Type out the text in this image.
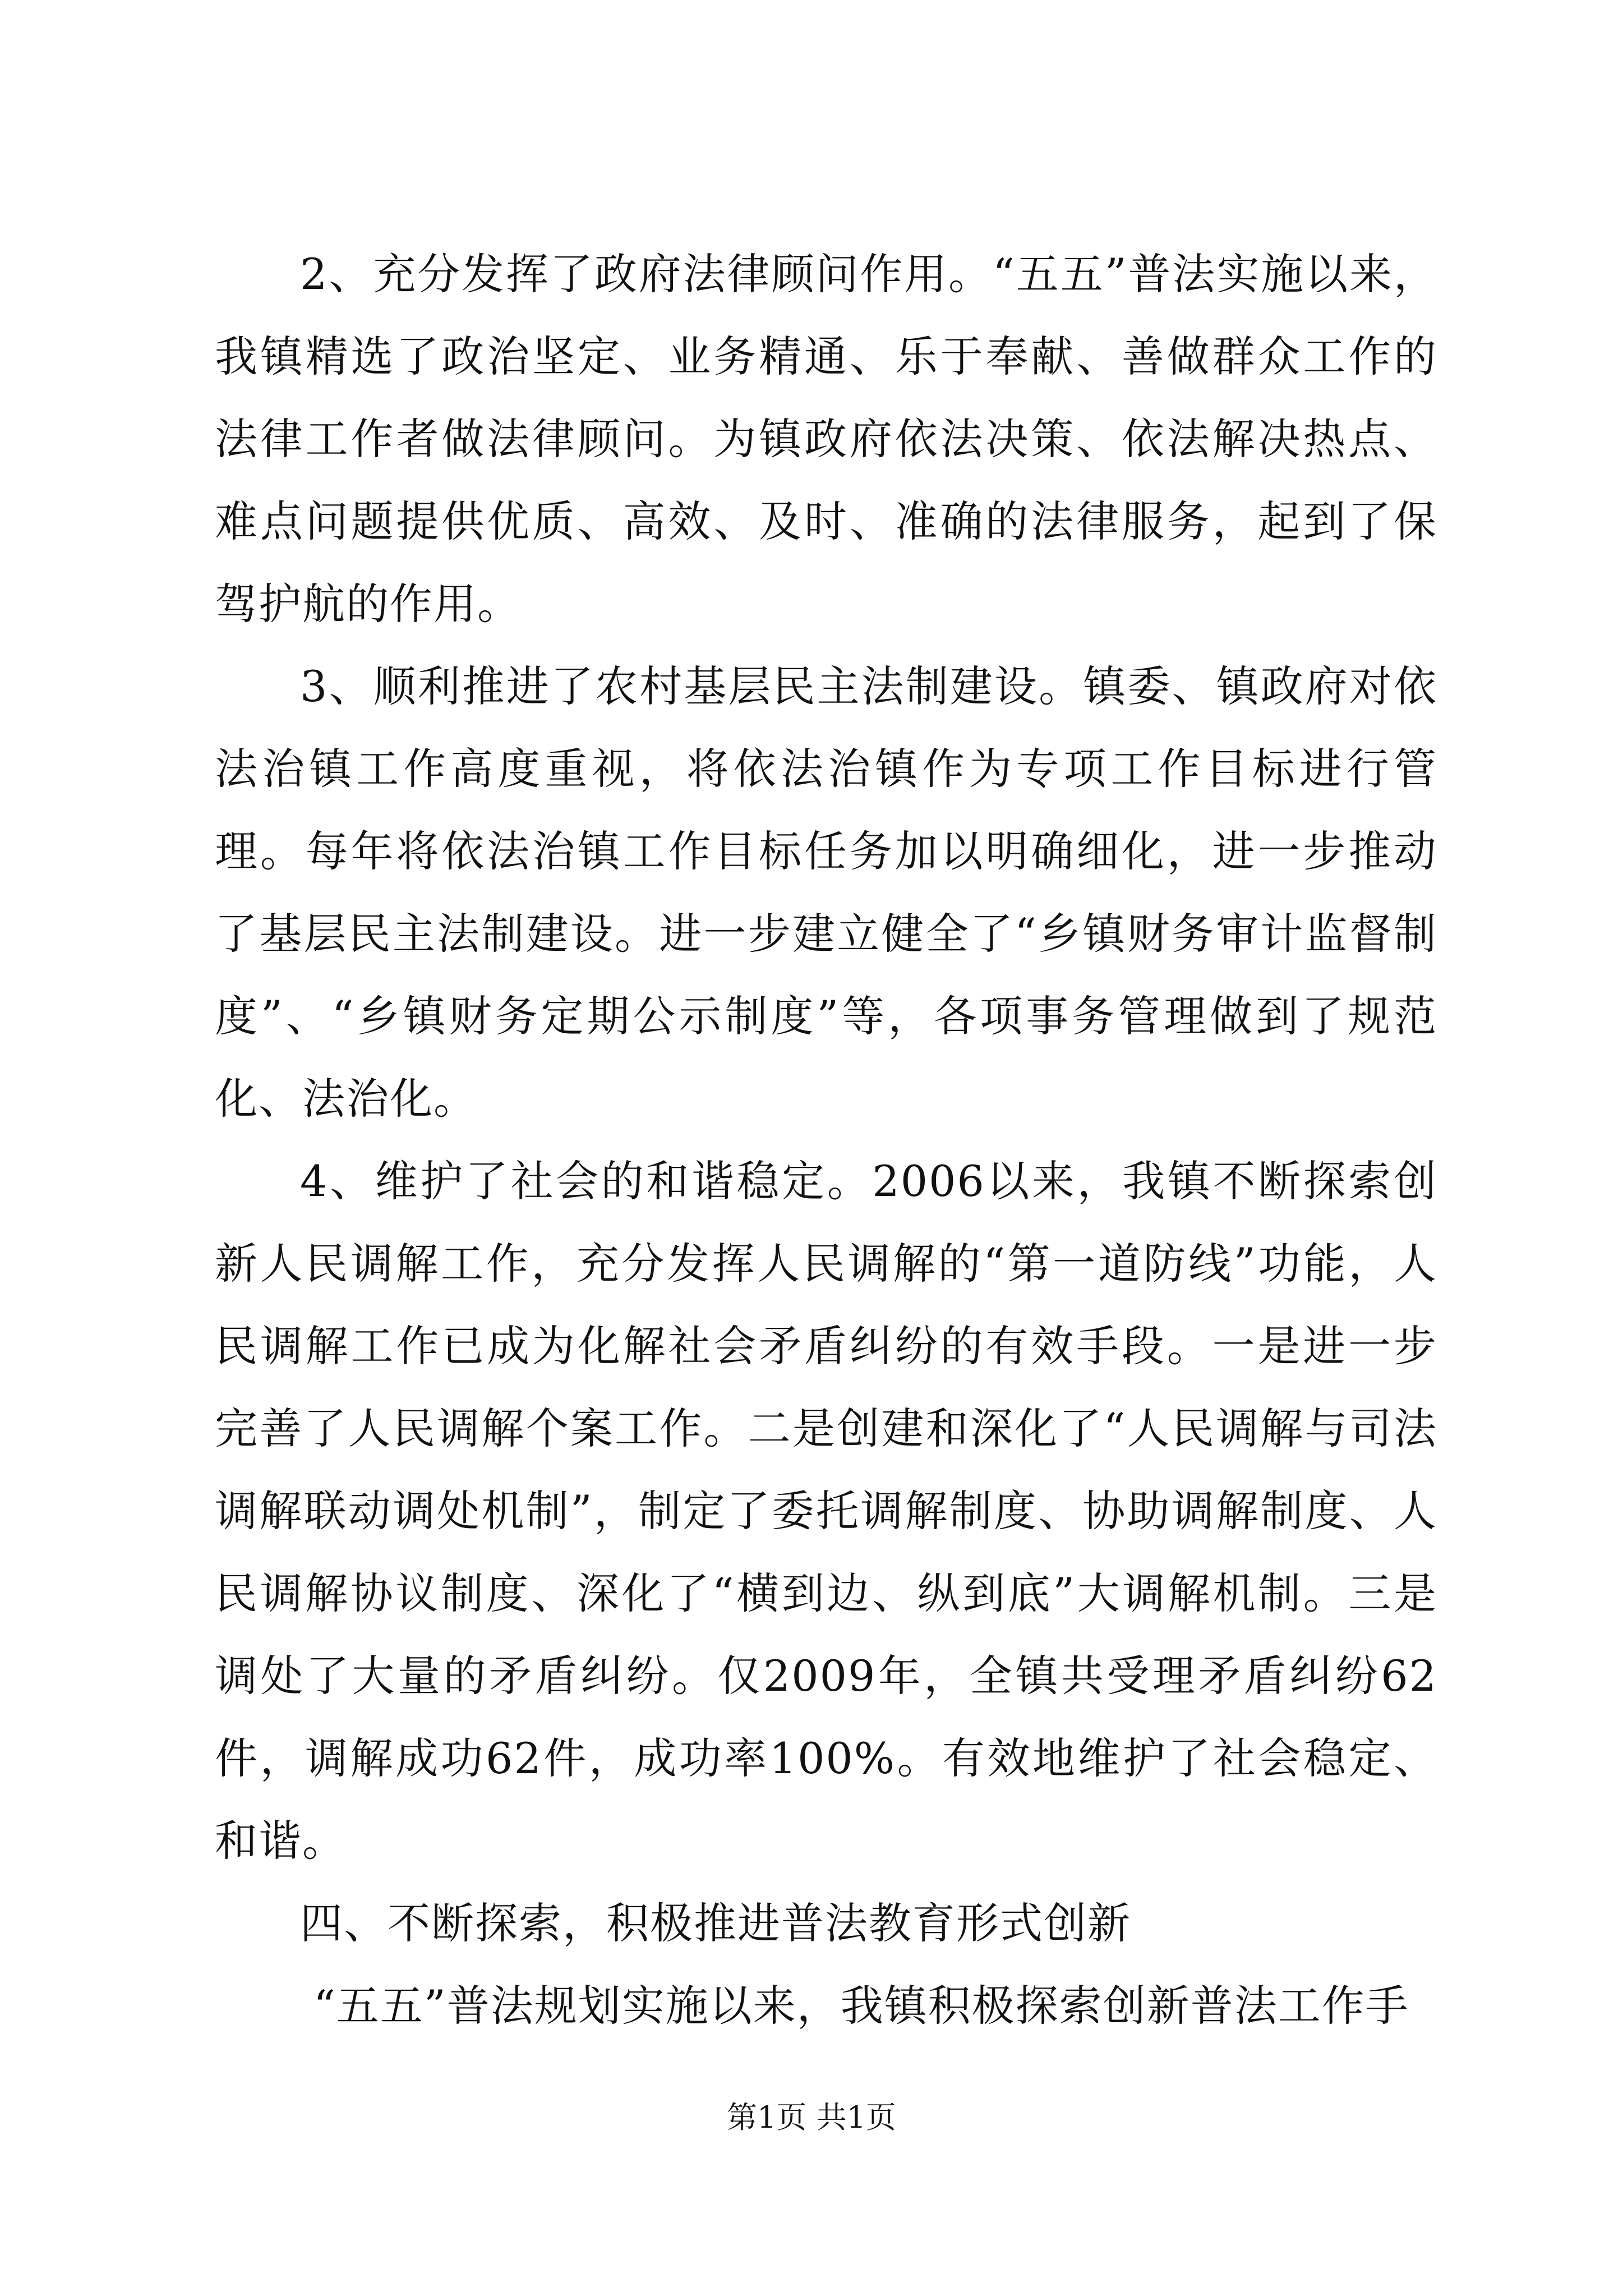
2、充分发挥了政府法律顾问作用。“五五”普法实施以来，我镇精选了政治坚定、业务精通、乐于奉献、善做群众工作的法律工作者做法律顾问。为镇政府依法决策、依法解决热点、难点问题提供优质、高效、及时、准确的法律服务，起到了保驾护航的作用。

3、顺利推进了农村基层民主法制建设。镇委、镇政府对依法治镇工作高度重视，将依法治镇作为专项工作目标进行管理。每年将依法治镇工作目标任务加以明确细化，进一步推动了基层民主法制建设。进一步建立健全了“乡镇财务审计监督制度”、“乡镇财务定期公示制度”等，各项事务管理做到了规范化、法治化。

4、维护了社会的和谐稳定。2006以来，我镇不断探索创新人民调解工作，充分发挥人民调解的“第一道防线”功能，人民调解工作已成为化解社会矛盾纠纷的有效手段。一是进一步完善了人民调解个案工作。二是创建和深化了“人民调解与司法调解联动调处机制”，制定了委托调解制度、协助调解制度、人民调解协议制度、深化了“横到边、纵到底”大调解机制。三是调处了大量的矛盾纠纷。仅2009年，全镇共受理矛盾纠纷62件，调解成功62件，成功率100%。有效地维护了社会稳定、和谐。

四、不断探索，积极推进普法教育形式创新

“五五”普法规划实施以来，我镇积极探索创新普法工作手

第1页 共1页
